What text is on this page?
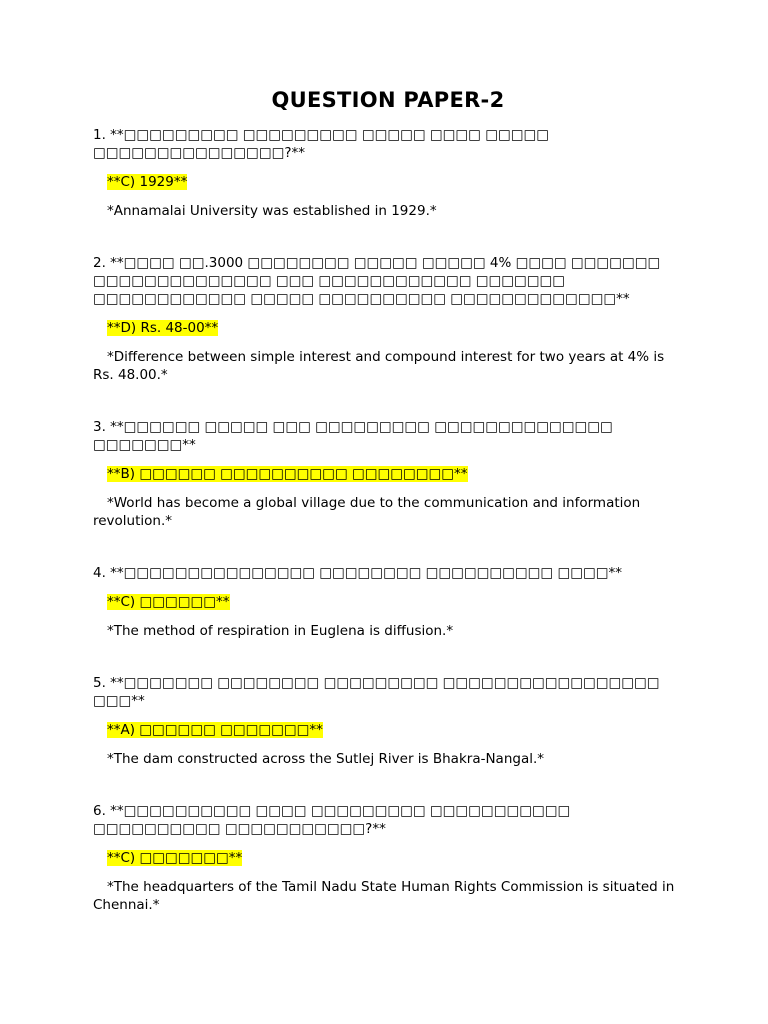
QUESTION PAPER-2

1. **□□□□□□□□□ □□□□□□□□□ □□□□□ □□□□ □□□□□ □□□□□□□□□□□□□□□?**

**C) 1929**

*Annamalai University was established in 1929.*

2. **□□□□ □□.3000 □□□□□□□□ □□□□□ □□□□□ 4% □□□□ □□□□□□□ □□□□□□□□□□□□□□ □□□ □□□□□□□□□□□□ □□□□□□□ □□□□□□□□□□□□ □□□□□ □□□□□□□□□□ □□□□□□□□□□□□□**

**D) Rs. 48-00**

*Difference between simple interest and compound interest for two years at 4% is Rs. 48.00.*

3. **□□□□□□ □□□□□ □□□ □□□□□□□□□ □□□□□□□□□□□□□□ □□□□□□□**

**B) □□□□□□ □□□□□□□□□□ □□□□□□□□**

*World has become a global village due to the communication and information revolution.*

4. **□□□□□□□□□□□□□□□ □□□□□□□□ □□□□□□□□□□ □□□□**

**C) □□□□□□**

*The method of respiration in Euglena is diffusion.*

5. **□□□□□□□ □□□□□□□□ □□□□□□□□□ □□□□□□□□□□□□□□□□□ □□□**

**A) □□□□□□ □□□□□□□**

*The dam constructed across the Sutlej River is Bhakra-Nangal.*

6. **□□□□□□□□□□ □□□□ □□□□□□□□□ □□□□□□□□□□□ □□□□□□□□□□ □□□□□□□□□□□?**

**C) □□□□□□□**

*The headquarters of the Tamil Nadu State Human Rights Commission is situated in Chennai.*
